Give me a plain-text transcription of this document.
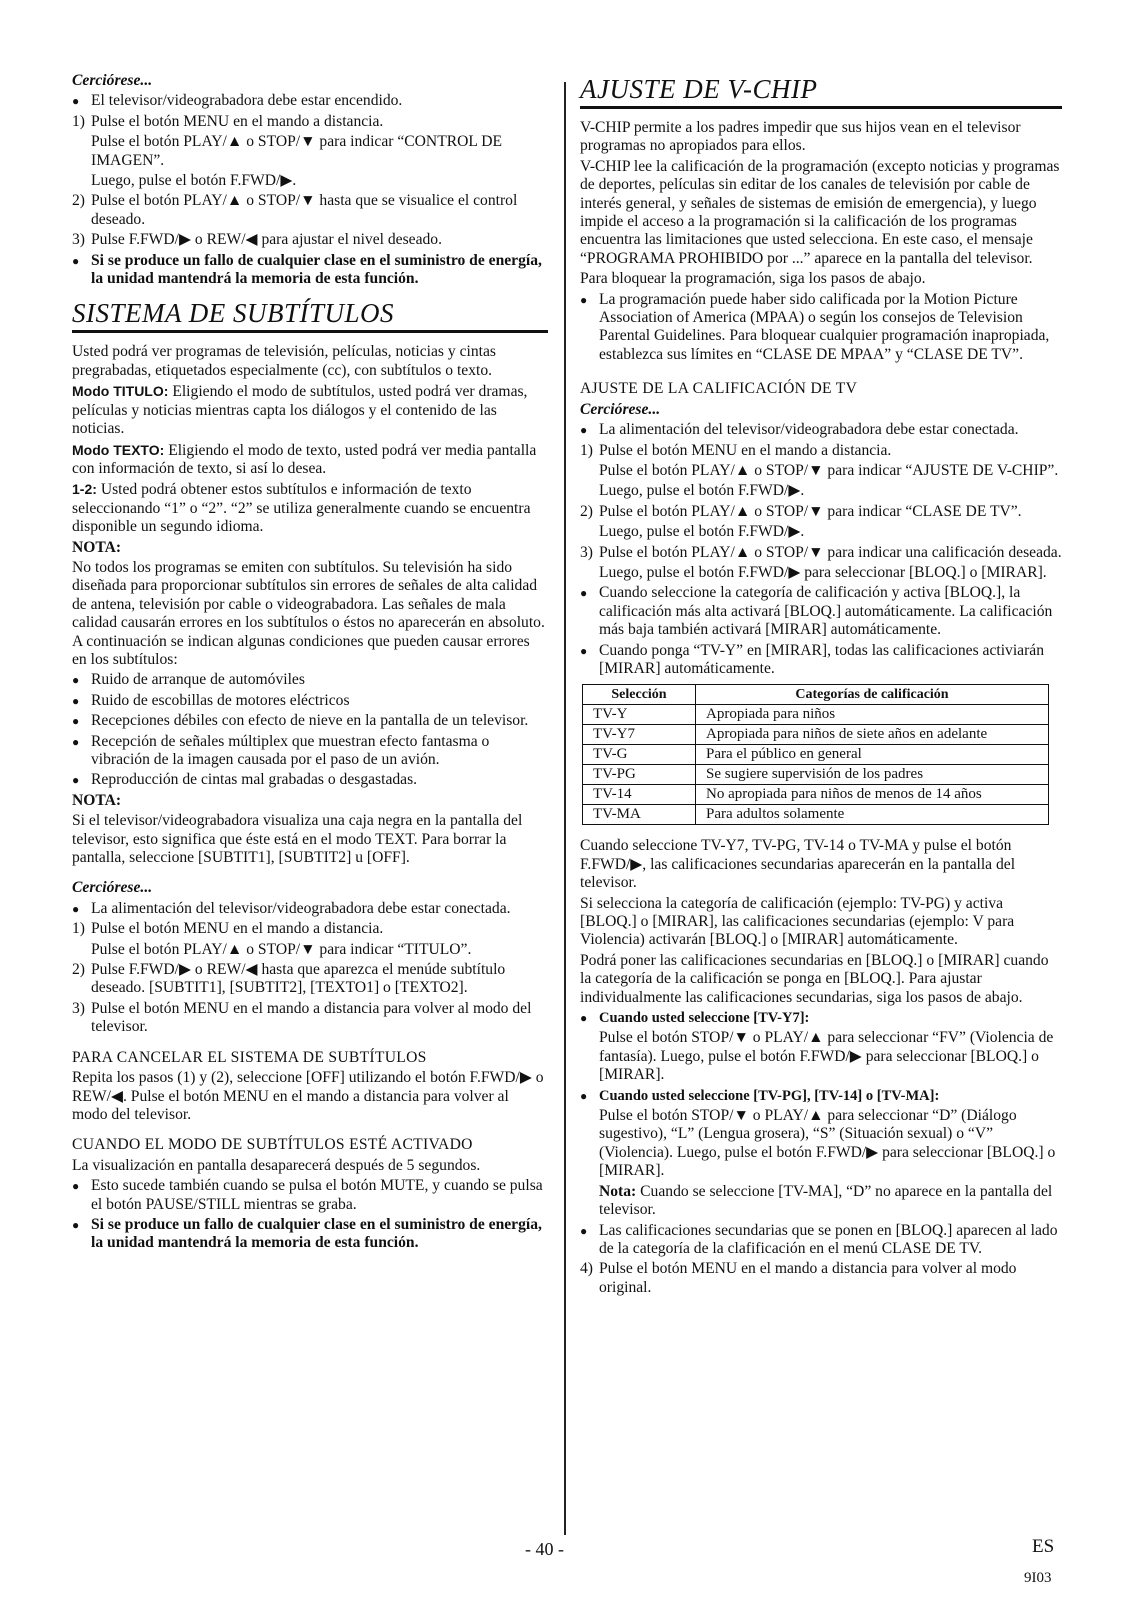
Cerciórese...

● El televisor/videograbadora debe estar encendido.
1) Pulse el botón MENU en el mando a distancia.

Pulse el botón PLAY/▲ o STOP/▼ para indicar “CONTROL DE IMAGEN”.

Luego, pulse el botón F.FWD/▶.

2) Pulse el botón PLAY/▲ o STOP/▼ hasta que se visualice el control deseado.
3) Pulse F.FWD/▶ o REW/◀ para ajustar el nivel deseado.
● Si se produce un fallo de cualquier clase en el suministro de energía, la unidad mantendrá la memoria de esta función.
SISTEMA DE SUBTÍTULOS

Usted podrá ver programas de televisión, películas, noticias y cintas pregrabadas, etiquetados especialmente (cc), con subtítulos o texto.

Modo TITULO: Eligiendo el modo de subtítulos, usted podrá ver dramas, películas y noticias mientras capta los diálogos y el contenido de las noticias.

Modo TEXTO: Eligiendo el modo de texto, usted podrá ver media pantalla con información de texto, si así lo desea.

1-2: Usted podrá obtener estos subtítulos e información de texto seleccionando “1” o “2”. “2” se utiliza generalmente cuando se encuentra disponible un segundo idioma.

NOTA:

No todos los programas se emiten con subtítulos. Su televisión ha sido diseñada para proporcionar subtítulos sin errores de señales de alta calidad de antena, televisión por cable o videograbadora. Las señales de mala calidad causarán errores en los subtítulos o éstos no aparecerán en absoluto. A continuación se indican algunas condiciones que pueden causar errores en los subtítulos:

● Ruido de arranque de automóviles
● Ruido de escobillas de motores eléctricos
● Recepciones débiles con efecto de nieve en la pantalla de un televisor.
● Recepción de señales múltiplex que muestran efecto fantasma o vibración de la imagen causada por el paso de un avión.
● Reproducción de cintas mal grabadas o desgastadas.

NOTA:

Si el televisor/videograbadora visualiza una caja negra en la pantalla del televisor, esto significa que éste está en el modo TEXT. Para borrar la pantalla, seleccione [SUBTIT1], [SUBTIT2] u [OFF].

Cerciórese...

● La alimentación del televisor/videograbadora debe estar conectada.
1) Pulse el botón MENU en el mando a distancia.

Pulse el botón PLAY/▲ o STOP/▼ para indicar “TITULO”.

2) Pulse F.FWD/▶ o REW/◀ hasta que aparezca el menúde subtítulo deseado. [SUBTIT1], [SUBTIT2], [TEXTO1] o [TEXTO2].
3) Pulse el botón MENU en el mando a distancia para volver al modo del televisor.

PARA CANCELAR EL SISTEMA DE SUBTÍTULOS

Repita los pasos (1) y (2), seleccione [OFF] utilizando el botón F.FWD/▶ o REW/◀. Pulse el botón MENU en el mando a distancia para volver al modo del televisor.

CUANDO EL MODO DE SUBTÍTULOS ESTÉ ACTIVADO

La visualización en pantalla desaparecerá después de 5 segundos.

● Esto sucede también cuando se pulsa el botón MUTE, y cuando se pulsa el botón PAUSE/STILL mientras se graba.
● Si se produce un fallo de cualquier clase en el suministro de energía, la unidad mantendrá la memoria de esta función.
AJUSTE DE V-CHIP

V-CHIP permite a los padres impedir que sus hijos vean en el televisor programas no apropiados para ellos.

V-CHIP lee la calificación de la programación (excepto noticias y programas de deportes, películas sin editar de los canales de televisión por cable de interés general, y señales de sistemas de emisión de emergencia), y luego impide el acceso a la programación si la calificación de los programas encuentra las limitaciones que usted selecciona. En este caso, el mensaje “PROGRAMA PROHIBIDO por ...” aparece en la pantalla del televisor.

Para bloquear la programación, siga los pasos de abajo.

● La programación puede haber sido calificada por la Motion Picture Association of America (MPAA) o según los consejos de Television Parental Guidelines. Para bloquear cualquier programación inapropiada, establezca sus límites en “CLASE DE MPAA” y “CLASE DE TV”.

AJUSTE DE LA CALIFICACIÓN DE TV

Cerciórese...

● La alimentación del televisor/videograbadora debe estar conectada.
1) Pulse el botón MENU en el mando a distancia.

Pulse el botón PLAY/▲ o STOP/▼ para indicar “AJUSTE DE V-CHIP”.

Luego, pulse el botón F.FWD/▶.

2) Pulse el botón PLAY/▲ o STOP/▼ para indicar “CLASE DE TV”.

Luego, pulse el botón F.FWD/▶.

3) Pulse el botón PLAY/▲ o STOP/▼ para indicar una calificación deseada.

Luego, pulse el botón F.FWD/▶ para seleccionar [BLOQ.] o [MIRAR].

● Cuando seleccione la categoría de calificación y activa [BLOQ.], la calificación más alta activará [BLOQ.] automáticamente. La calificación más baja también activará [MIRAR] automáticamente.
● Cuando ponga “TV-Y” en [MIRAR], todas las calificaciones activiarán [MIRAR] automáticamente.
Selección	Categorías de calificación
TV-Y	Apropiada para niños
TV-Y7	Apropiada para niños de siete años en adelante
TV-G	Para el público en general
TV-PG	Se sugiere supervisión de los padres
TV-14	No apropiada para niños de menos de 14 años
TV-MA	Para adultos solamente

Cuando seleccione TV-Y7, TV-PG, TV-14 o TV-MA y pulse el botón F.FWD/▶, las calificaciones secundarias aparecerán en la pantalla del televisor.

Si selecciona la categoría de calificación (ejemplo: TV-PG) y activa [BLOQ.] o [MIRAR], las calificaciones secundarias (ejemplo: V para Violencia) activarán [BLOQ.] o [MIRAR] automáticamente.

Podrá poner las calificaciones secundarias en [BLOQ.] o [MIRAR] cuando la categoría de la calificación se ponga en [BLOQ.]. Para ajustar individualmente las calificaciones secundarias, siga los pasos de abajo.

● Cuando usted seleccione [TV-Y7]:

Pulse el botón STOP/▼ o PLAY/▲ para seleccionar “FV” (Violencia de fantasía). Luego, pulse el botón F.FWD/▶ para seleccionar [BLOQ.] o [MIRAR].

● Cuando usted seleccione [TV-PG], [TV-14] o [TV-MA]:

Pulse el botón STOP/▼ o PLAY/▲ para seleccionar “D” (Diálogo sugestivo), “L” (Lengua grosera), “S” (Situación sexual) o “V” (Violencia). Luego, pulse el botón F.FWD/▶ para seleccionar [BLOQ.] o [MIRAR].

Nota: Cuando se seleccione [TV-MA], “D” no aparece en la pantalla del televisor.

● Las calificaciones secundarias que se ponen en [BLOQ.] aparecen al lado de la categoría de la clafificación en el menú CLASE DE TV.
4) Pulse el botón MENU en el mando a distancia para volver al modo original.
- 40 -	ES
9I03
